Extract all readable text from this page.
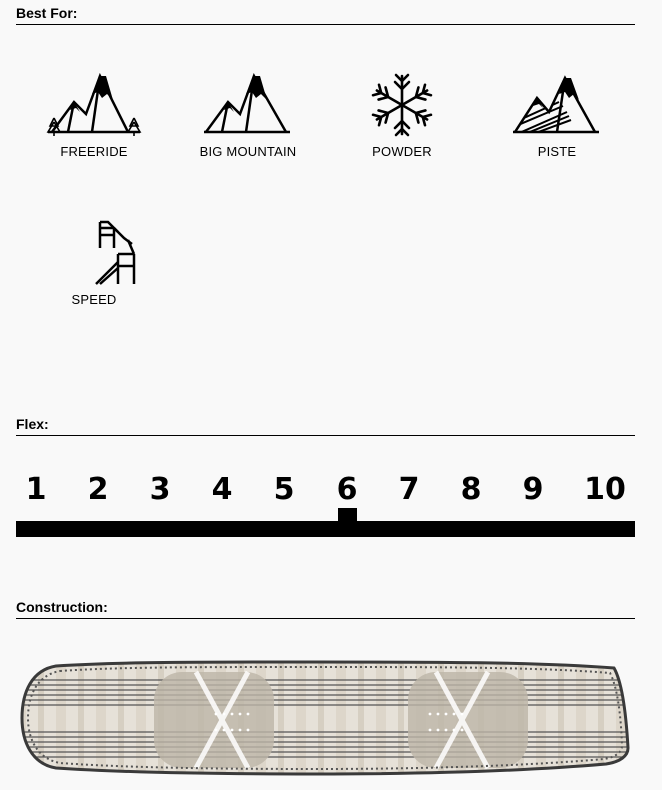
Best For:
FREERIDE	BIG MOUNTAIN	POWDER	PISTE
SPEED
Flex:
1 2 3 4 5 6 7 8 9 10
Construction:
